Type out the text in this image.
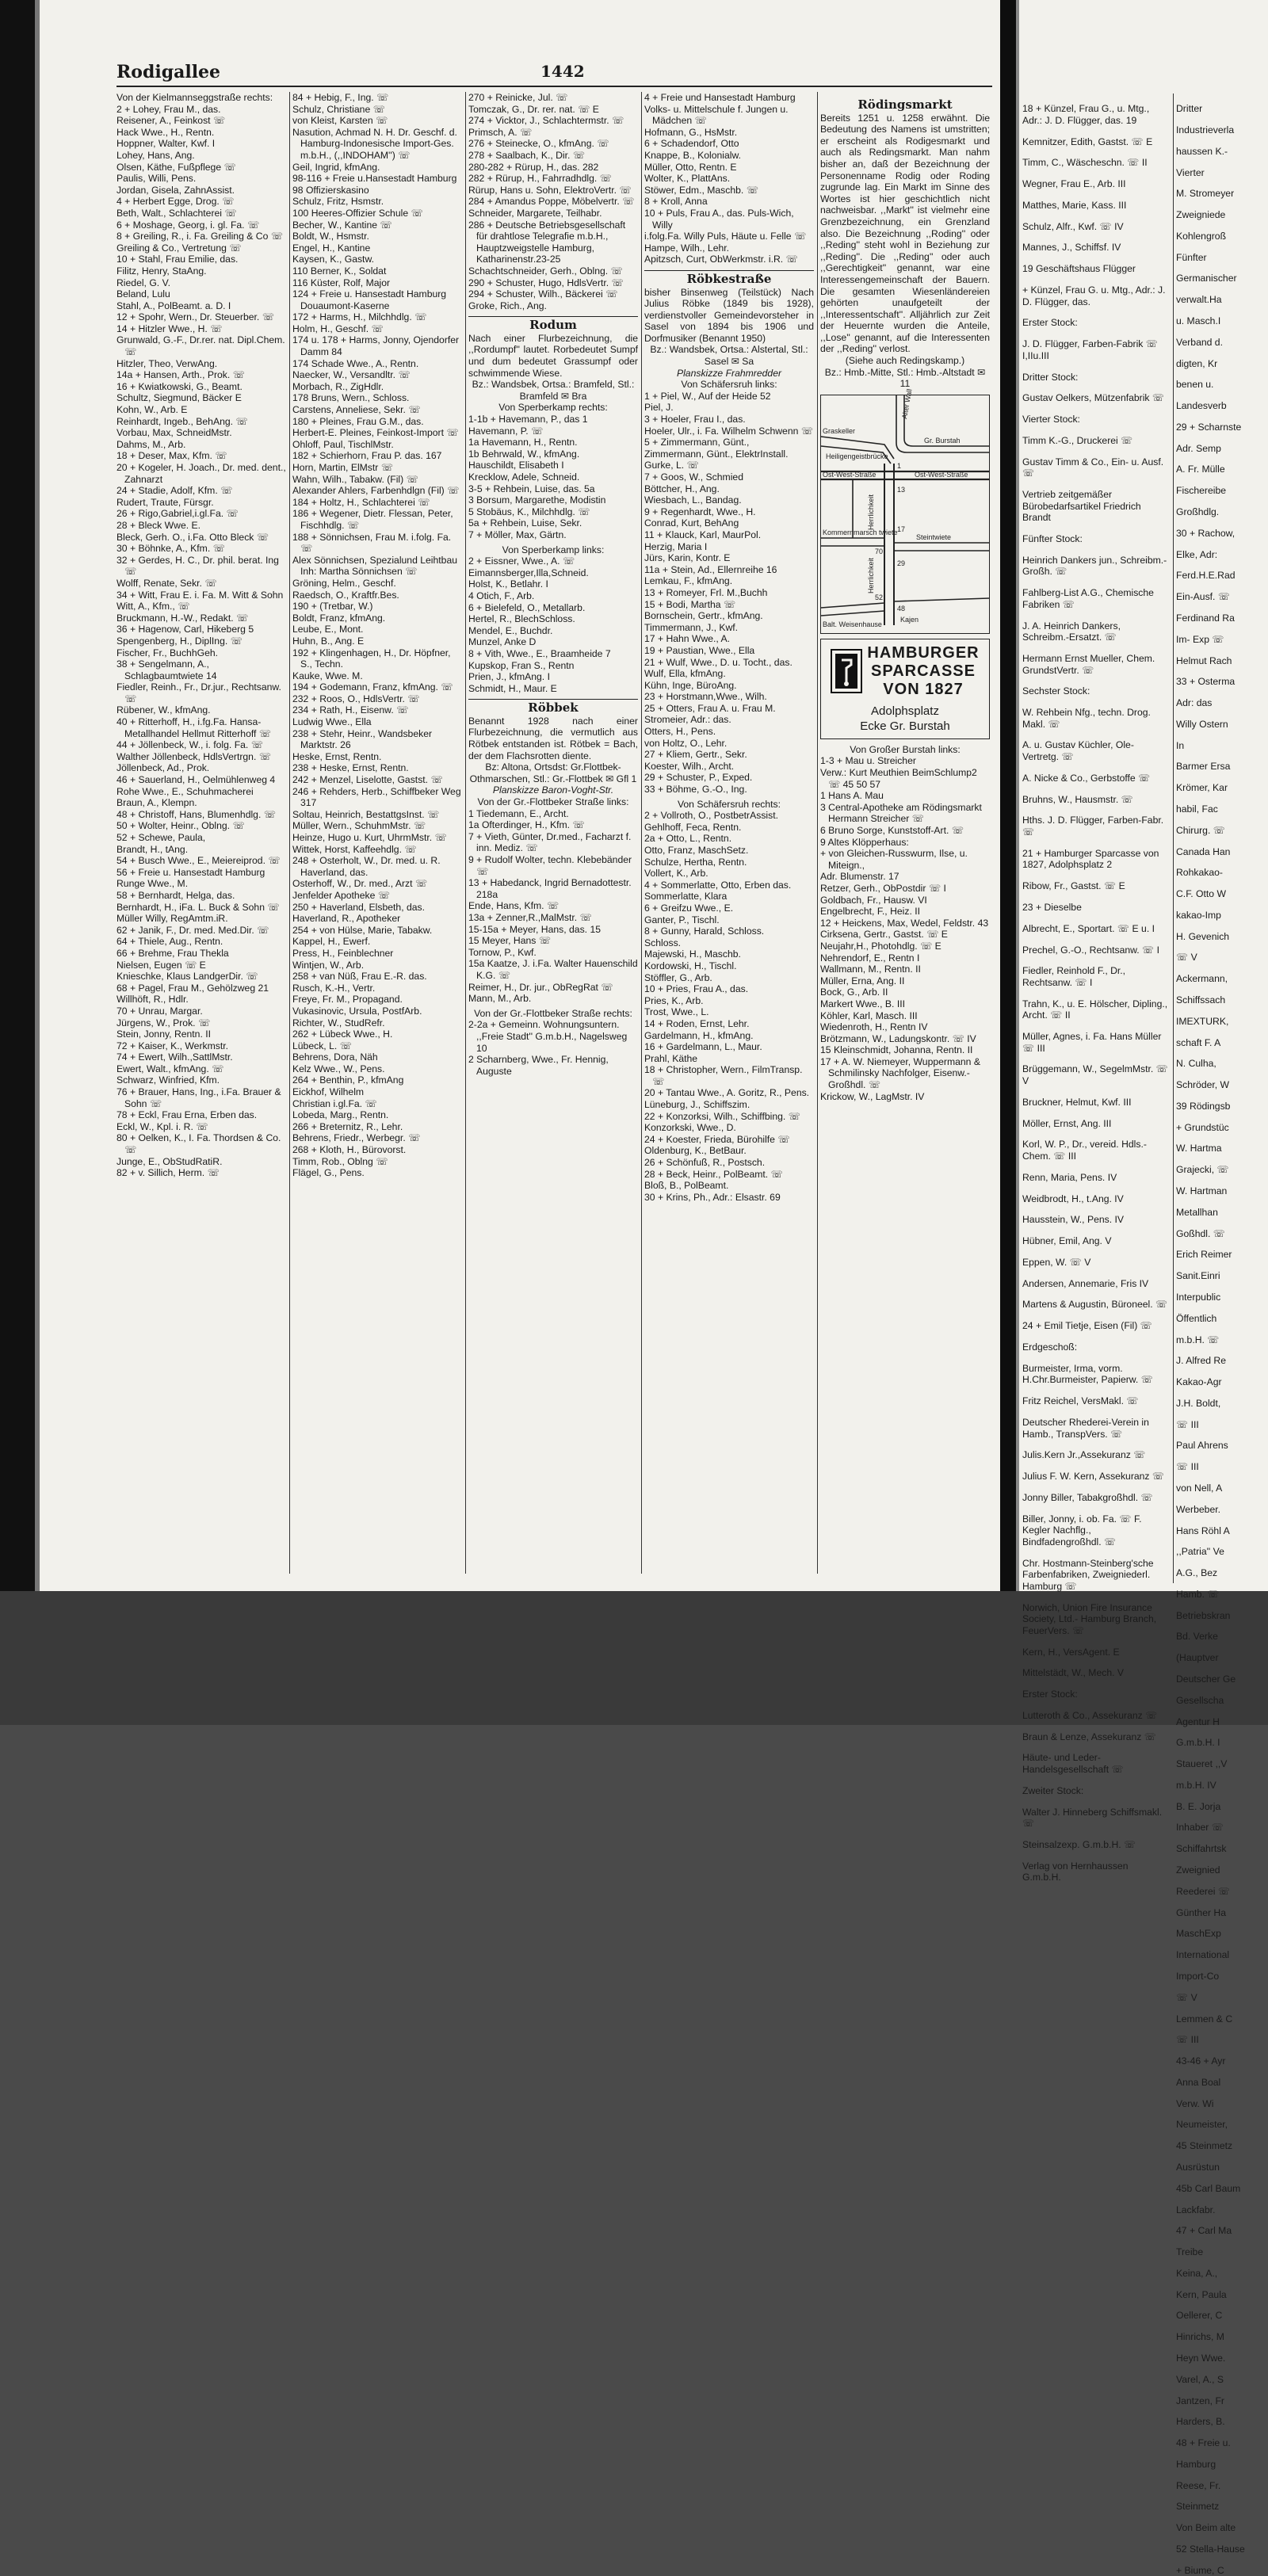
Rodigallee	1442

Von der Kielmannseggstraße rechts:

2 + Lohey, Frau M., das.

Reisener, A., Feinkost ☏

Hack Wwe., H., Rentn.

Hoppner, Walter, Kwf. I

Lohey, Hans, Ang.

Olsen, Käthe, Fußpflege ☏

Paulis, Willi, Pens.

Jordan, Gisela, ZahnAssist.

4 + Herbert Egge, Drog. ☏

Beth, Walt., Schlachterei ☏

6 + Moshage, Georg, i. gl. Fa. ☏

8 + Greiling, R., i. Fa. Greiling & Co ☏

Greiling & Co., Vertretung ☏

10 + Stahl, Frau Emilie, das.

Filitz, Henry, StaAng.

Riedel, G. V.

Beland, Lulu

Stahl, A., PolBeamt. a. D. I

12 + Spohr, Wern., Dr. Steuerber. ☏

14 + Hitzler Wwe., H. ☏

Grunwald, G.-F., Dr.rer. nat. Dipl.Chem. ☏

Hitzler, Theo, VerwAng.

14a + Hansen, Arth., Prok. ☏

16 + Kwiatkowski, G., Beamt.

Schultz, Siegmund, Bäcker E

Kohn, W., Arb. E

Reinhardt, Ingeb., BehAng. ☏

Vorbau, Max, SchneidMstr.

Dahms, M., Arb.

18 + Deser, Max, Kfm. ☏

20 + Kogeler, H. Joach., Dr. med. dent., Zahnarzt

24 + Stadie, Adolf, Kfm. ☏

Rudert, Traute, Fürsgr.

26 + Rigo,Gabriel,i.gl.Fa. ☏

28 + Bleck Wwe. E.

Bleck, Gerh. O., i.Fa. Otto Bleck ☏

30 + Böhnke, A., Kfm. ☏

32 + Gerdes, H. C., Dr. phil. berat. Ing ☏

Wolff, Renate, Sekr. ☏

34 + Witt, Frau E. i. Fa. M. Witt & Sohn

Witt, A., Kfm., ☏

Bruckmann, H.-W., Redakt. ☏

36 + Hagenow, Carl, Hikeberg 5

Spengenberg, H., DiplIng. ☏

Fischer, Fr., BuchhGeh.

38 + Sengelmann, A., Schlagbaumtwiete 14

Fiedler, Reinh., Fr., Dr.jur., Rechtsanw. ☏

Rübener, W., kfmAng.

40 + Ritterhoff, H., i.fg.Fa. Hansa-Metallhandel Hellmut Ritterhoff ☏

44 + Jöllenbeck, W., i. folg. Fa. ☏

Walther Jöllenbeck, HdlsVertrgn. ☏

Jöllenbeck, Ad., Prok.

46 + Sauerland, H., Oelmühlenweg 4

Rohe Wwe., E., Schuhmacherei

Braun, A., Klempn.

48 + Christoff, Hans, Blumenhdlg. ☏

50 + Wolter, Heinr., Oblng. ☏

52 + Schewe, Paula,

Brandt, H., tAng.

54 + Busch Wwe., E., Meiereiprod. ☏

56 + Freie u. Hansestadt Hamburg

Runge Wwe., M.

58 + Bernhardt, Helga, das.

Bernhardt, H., iFa. L. Buck & Sohn ☏

Müller Willy, RegAmtm.iR.

62 + Janik, F., Dr. med. Med.Dir. ☏

64 + Thiele, Aug., Rentn.

66 + Brehme, Frau Thekla

Nielsen, Eugen ☏ E

Knieschke, Klaus LandgerDir. ☏

68 + Pagel, Frau M., Gehölzweg 21

Willhöft, R., Hdlr.

70 + Unrau, Margar.

Jürgens, W., Prok. ☏

Stein, Jonny, Rentn. II

72 + Kaiser, K., Werkmstr.

74 + Ewert, Wilh.,SattlMstr.

Ewert, Walt., kfmAng. ☏

Schwarz, Winfried, Kfm.

76 + Brauer, Hans, Ing., i.Fa. Brauer & Sohn ☏

78 + Eckl, Frau Erna, Erben das.

Eckl, W., Kpl. i. R. ☏

80 + Oelken, K., I. Fa. Thordsen & Co. ☏

Junge, E., ObStudRatiR.

82 + v. Sillich, Herm. ☏

84 + Hebig, F., Ing. ☏

Schulz, Christiane ☏

von Kleist, Karsten ☏

Nasution, Achmad N. H. Dr. Geschf. d. Hamburg-Indonesische Import-Ges. m.b.H., (,,INDOHAM'') ☏

Geil, Ingrid, kfmAng.

98-116 + Freie u.Hansestadt Hamburg

98 Offizierskasino

Schulz, Fritz, Hsmstr.

100 Heeres-Offizier Schule ☏

Becher, W., Kantine ☏

Boldt, W., Hsmstr.

Engel, H., Kantine

Kaysen, K., Gastw.

110 Berner, K., Soldat

116 Küster, Rolf, Major

124 + Freie u. Hansestadt Hamburg Douaumont-Kaserne

172 + Harms, H., Milchhdlg. ☏

Holm, H., Geschf. ☏

174 u. 178 + Harms, Jonny, Ojendorfer Damm 84

174 Schade Wwe., A., Rentn.

Naecker, W., Versandltr. ☏

Morbach, R., ZigHdlr.

178 Bruns, Wern., Schloss.

Carstens, Anneliese, Sekr. ☏

180 + Pleines, Frau G.M., das.

Herbert-E. Pleines, Feinkost-Import ☏

Ohloff, Paul, TischlMstr.

182 + Schierhorn, Frau P. das. 167

Horn, Martin, ElMstr ☏

Wahn, Wilh., Tabakw. (Fil) ☏

Alexander Ahlers, Farbenhdlgn (Fil) ☏

184 + Holtz, H., Schlachterei ☏

186 + Wegener, Dietr. Flessan, Peter, Fischhdlg. ☏

188 + Sönnichsen, Frau M. i.folg. Fa. ☏

Alex Sönnichsen, Spezialund Leihtbau Inh: Martha Sönnichsen ☏

Gröning, Helm., Geschf.

Raedsch, O., Kraftfr.Bes.

190 + (Tretbar, W.)

Boldt, Franz, kfmAng.

Leube, E., Mont.

Huhn, B., Ang. E

192 + Klingenhagen, H., Dr. Höpfner, S., Techn.

Kauke, Wwe. M.

194 + Godemann, Franz, kfmAng. ☏

232 + Roos, O., HdlsVertr. ☏

234 + Rath, H., Eisenw. ☏

Ludwig Wwe., Ella

238 + Stehr, Heinr., Wandsbeker Marktstr. 26

Heske, Ernst, Rentn.

238 + Heske, Ernst, Rentn.

242 + Menzel, Liselotte, Gastst. ☏

246 + Rehders, Herb., Schiffbeker Weg 317

Soltau, Heinrich, BestattgsInst. ☏

Müller, Wern., SchuhmMstr. ☏

Heinze, Hugo u. Kurt, UhrmMstr. ☏

Wittek, Horst, Kaffeehdlg. ☏

248 + Osterholt, W., Dr. med. u. R. Haverland, das.

Osterhoff, W., Dr. med., Arzt ☏

Jenfelder Apotheke ☏

250 + Haverland, Elsbeth, das.

Haverland, R., Apotheker

254 + von Hülse, Marie, Tabakw.

Kappel, H., Ewerf.

Press, H., Feinblechner

Wintjen, W., Arb.

258 + van Nüß, Frau E.-R. das.

Rusch, K.-H., Vertr.

Freye, Fr. M., Propagand.

Vukasinovic, Ursula, PostfArb.

Richter, W., StudRefr.

262 + Lübeck Wwe., H.

Lübeck, L. ☏

Behrens, Dora, Näh

Kelz Wwe., W., Pens.

264 + Benthin, P., kfmAng

Eickhof, Wilhelm

Christian i.gl.Fa. ☏

Lobeda, Marg., Rentn.

266 + Breternitz, R., Lehr.

Behrens, Friedr., Werbegr. ☏

268 + Kloth, H., Bürovorst.

Timm, Rob., Oblng ☏

Flägel, G., Pens.

270 + Reinicke, Jul. ☏

Tomczak, G., Dr. rer. nat. ☏ E

274 + Vicktor, J., Schlachtermstr. ☏

Primsch, A. ☏

276 + Steinecke, O., kfmAng. ☏

278 + Saalbach, K., Dir. ☏

280-282 + Rürup, H., das. 282

282 + Rürup, H., Fahrradhdlg. ☏

Rürup, Hans u. Sohn, ElektroVertr. ☏

284 + Amandus Poppe, Möbelvertr. ☏

Schneider, Margarete, Teilhabr.

286 + Deutsche Betriebsgesellschaft für drahtlose Telegrafie m.b.H., Hauptzweigstelle Hamburg, Katharinenstr.23-25

Schachtschneider, Gerh., Oblng. ☏

290 + Schuster, Hugo, HdlsVertr. ☏

294 + Schuster, Wilh., Bäckerei ☏

Groke, Rich., Ang.

Rodum
Nach einer Flurbezeichnung, die ,,Rordumpf'' lautet. Rorbedeutet Sumpf und dum bedeutet Grassumpf oder schwimmende Wiese.
Bz.: Wandsbek, Ortsa.: Bramfeld, Stl.: Bramfeld ✉ Bra
Von Sperberkamp rechts:

1-1b + Havemann, P., das 1

Havemann, P. ☏

1a Havemann, H., Rentn.

1b Behrwald, W., kfmAng.

Hauschildt, Elisabeth I

Krecklow, Adele, Schneid.

3-5 + Rehbein, Luise, das. 5a

3 Borsum, Margarethe, Modistin

5 Stobäus, K., Milchhdlg. ☏

5a + Rehbein, Luise, Sekr.

7 + Möller, Max, Gärtn.

Von Sperberkamp links:

2 + Eissner, Wwe., A. ☏

Eimannsberger,Illa,Schneid.

Holst, K., Betlahr. I

4 Otich, F., Arb.

6 + Bielefeld, O., Metallarb.

Hertel, R., BlechSchloss.

Mendel, E., Buchdr.

Munzel, Anke D

8 + Vith, Wwe., E., Braamheide 7

Kupskop, Fran S., Rentn

Prien, J., kfmAng. I

Schmidt, H., Maur. E

Röbbek
Benannt 1928 nach einer Flurbezeichnung, die vermutlich aus Rötbek entstanden ist. Rötbek = Bach, der dem Flachsrotten diente.
Bz: Altona, Ortsdst: Gr.Flottbek-Othmarschen, Stl.: Gr.-Flottbek ✉ Gfl 1
Planskizze Baron-Voght-Str.
Von der Gr.-Flottbeker Straße links:

1 Tiedemann, E., Archt.

1a Ofterdinger, H., Kfm. ☏

7 + Vieth, Günter, Dr.med., Facharzt f. inn. Mediz. ☏

9 + Rudolf Wolter, techn. Klebebänder ☏

13 + Habedanck, Ingrid Bernadottestr. 218a

Ende, Hans, Kfm. ☏

13a + Zenner,R.,MalMstr. ☏

15-15a + Meyer, Hans, das. 15

15 Meyer, Hans ☏

Tornow, P., Kwf.

15a Kaatze, J. i.Fa. Walter Hauenschild K.G. ☏

Reimer, H., Dr. jur., ObRegRat ☏

Mann, M., Arb.

Von der Gr.-Flottbeker Straße rechts:

2-2a + Gemeinn. Wohnungsuntern. ,,Freie Stadt'' G.m.b.H., Nagelsweg 10

2 Scharnberg, Wwe., Fr. Hennig, Auguste

4 + Freie und Hansestadt Hamburg

Volks- u. Mittelschule f. Jungen u. Mädchen ☏

Hofmann, G., HsMstr.

6 + Schadendorf, Otto

Knappe, B., Kolonialw.

Müller, Otto, Rentn. E

Wolter, K., PlattAns.

Stöwer, Edm., Maschb. ☏

8 + Kroll, Anna

10 + Puls, Frau A., das. Puls-Wich, Willy

i.folg.Fa. Willy Puls, Häute u. Felle ☏

Hampe, Wilh., Lehr.

Apitzsch, Curt, ObWerkmstr. i.R. ☏

Röbkestraße
bisher Binsenweg (Teilstück) Nach Julius Röbke (1849 bis 1928), verdienstvoller Gemeindevorsteher in Sasel von 1894 bis 1906 und Dorfmusiker (Benannt 1950)
Bz.: Wandsbek, Ortsa.: Alstertal, Stl.: Sasel ✉ Sa
Planskizze Frahmredder
Von Schäfersruh links:

1 + Piel, W., Auf der Heide 52

Piel, J.

3 + Hoeler, Frau I., das.

Hoeler, Ulr., i. Fa. Wilhelm Schwenn ☏

5 + Zimmermann, Günt.,

Zimmermann, Günt., ElektrInstall.

Gurke, L. ☏

7 + Goos, W., Schmied

Böttcher, H., Ang.

Wiesbach, L., Bandag.

9 + Regenhardt, Wwe., H.

Conrad, Kurt, BehAng

11 + Klauck, Karl, MaurPol.

Herzig, Maria I

Jürs, Karin, Kontr. E

11a + Stein, Ad., Ellernreihe 16

Lemkau, F., kfmAng.

13 + Romeyer, Frl. M.,Buchh

15 + Bodi, Martha ☏

Bornschein, Gertr., kfmAng.

Timmermann, J., Kwf.

17 + Hahn Wwe., A.

19 + Paustian, Wwe., Ella

21 + Wulf, Wwe., D. u. Tocht., das.

Wulf, Ella, kfmAng.

Kühn, Inge, BüroAng.

23 + Horstmann,Wwe., Wilh.

25 + Otters, Frau A. u. Frau M.

Stromeier, Adr.: das.

Otters, H., Pens.

von Holtz, O., Lehr.

27 + Kliem, Gertr., Sekr.

Koester, Wilh., Archt.

29 + Schuster, P., Exped.

33 + Böhme, G.-O., Ing.

Von Schäfersruh rechts:

2 + Vollroth, O., PostbetrAssist.

Gehlhoff, Feca, Rentn.

2a + Otto, L., Rentn.

Otto, Franz, MaschSetz.

Schulze, Hertha, Rentn.

Vollert, K., Arb.

4 + Sommerlatte, Otto, Erben das.

Sommerlatte, Klara

6 + Greifzu Wwe., E.

Ganter, P., Tischl.

8 + Gunny, Harald, Schloss.

Schloss.

Majewski, H., Maschb.

Kordowski, H., Tischl.

Stöffler, G., Arb.

10 + Pries, Frau A., das.

Pries, K., Arb.

Trost, Wwe., L.

14 + Roden, Ernst, Lehr.

Gardelmann, H., kfmAng.

16 + Gardelmann, L., Maur.

Prahl, Käthe

18 + Christopher, Wern., FilmTransp. ☏

20 + Tantau Wwe., A. Goritz, R., Pens.

Lüneburg, J., Schiffszim.

22 + Konzorksi, Wilh., Schiffbing. ☏

Konzorkski, Wwe., D.

24 + Koester, Frieda, Bürohilfe ☏

Oldenburg, K., BetBaur.

26 + Schönfuß, R., Postsch.

28 + Beck, Heinr., PolBeamt. ☏

Bloß, B., PolBeamt.

30 + Krins, Ph., Adr.: Elsastr. 69

Rödingsmarkt
Bereits 1251 u. 1258 erwähnt. Die Bedeutung des Namens ist umstritten; er erscheint als Rodigesmarkt und auch als Redingsmarkt. Man nahm bisher an, daß der Bezeichnung der Personenname Rodig oder Roding zugrunde lag. Ein Markt im Sinne des Wortes ist hier geschichtlich nicht nachweisbar. ,,Markt'' ist vielmehr eine Grenzbezeichnung, ein Grenzland also. Die Bezeichnung ,,Roding'' oder ,,Reding'' steht wohl in Beziehung zur ,,Reding''. Die ,,Reding'' oder auch ,,Gerechtigkeit'' genannt, war eine Interessengemeinschaft der Bauern. Die gesamten Wiesenländereien gehörten unaufgeteilt der ,,Interessentschaft''. Alljährlich zur Zeit der Heuernte wurden die Anteile, ,,Lose'' genannt, auf die Interessenten der ,,Reding'' verlost.
(Siehe auch Redingskamp.)
Bz.: Hmb.-Mitte, Stl.: Hmb.-Altstadt ✉ 11
Graskeller
Alter Wall
Gr. Burstah
Heiligengeistbrücke
Ost-West-Straße	Ost-West-Straße
Herrlichkeit
Kommernmarsch twiete
Steintwiete
Herrlichkeit
Balt. Weisenhause
Kajen
1
13
17
29
70
52
48
HAMBURGER
SPARCASSE
VON 1827
Adolphsplatz
Ecke Gr. Burstah
Von Großer Burstah links:

1-3 + Mau u. Streicher

Verw.: Kurt Meuthien BeimSchlump2 ☏ 45 50 57

1 Hans A. Mau

3 Central-Apotheke am Rödingsmarkt Hermann Streicher ☏

6 Bruno Sorge, Kunststoff-Art. ☏

9 Altes Klöpperhaus:

+ von Gleichen-Russwurm, Ilse, u. Miteign.,

Adr. Blumenstr. 17

Retzer, Gerh., ObPostdir ☏ I

Goldbach, Fr., Hausw. VI

Engelbrecht, F., Heiz. II

12 + Heickens, Max, Wedel, Feldstr. 43

Cirksena, Gertr., Gastst. ☏ E

Neujahr,H., Photohdlg. ☏ E

Nehrendorf, E., Rentn I

Wallmann, M., Rentn. II

Müller, Erna, Ang. II

Bock, G., Arb. II

Markert Wwe., B. III

Köhler, Karl, Masch. III

Wiedenroth, H., Rentn IV

Brötzmann, W., Ladungskontr. ☏ IV

15 Kleinschmidt, Johanna, Rentn. II

17 + A. W. Niemeyer, Wuppermann & Schmilinsky Nachfolger, Eisenw.-Großhdl. ☏

Krickow, W., LagMstr. IV

18 + Künzel, Frau G., u. Mtg., Adr.: J. D. Flügger, das. 19

Kemnitzer, Edith, Gastst. ☏ E

Timm, C., Wäscheschn. ☏ II

Wegner, Frau E., Arb. III

Matthes, Marie, Kass. III

Schulz, Alfr., Kwf. ☏ IV

Mannes, J., Schiffsf. IV

19 Geschäftshaus Flügger

+ Künzel, Frau G. u. Mtg., Adr.: J. D. Flügger, das.

Erster Stock:

J. D. Flügger, Farben-Fabrik ☏ I,IIu.III

Dritter Stock:

Gustav Oelkers, Mützenfabrik ☏

Vierter Stock:

Timm K.-G., Druckerei ☏

Gustav Timm & Co., Ein- u. Ausf. ☏

Vertrieb zeitgemäßer Bürobedarfsartikel Friedrich Brandt

Fünfter Stock:

Heinrich Dankers jun., Schreibm.-Großh. ☏

Fahlberg-List A.G., Chemische Fabriken ☏

J. A. Heinrich Dankers, Schreibm.-Ersatzt. ☏

Hermann Ernst Mueller, Chem. GrundstVertr. ☏

Sechster Stock:

W. Rehbein Nfg., techn. Drog. Makl. ☏

A. u. Gustav Küchler, Ole-Vertretg. ☏

A. Nicke & Co., Gerbstoffe ☏

Bruhns, W., Hausmstr. ☏

Hths. J. D. Flügger, Farben-Fabr. ☏

21 + Hamburger Sparcasse von 1827, Adolphsplatz 2

Ribow, Fr., Gastst. ☏ E

23 + Dieselbe

Albrecht, E., Sportart. ☏ E u. I

Prechel, G.-O., Rechtsanw. ☏ I

Fiedler, Reinhold F., Dr., Rechtsanw. ☏ I

Trahn, K., u. E. Hölscher, Dipling., Archt. ☏ II

Müller, Agnes, i. Fa. Hans Müller ☏ III

Brüggemann, W., SegelmMstr. ☏ V

Bruckner, Helmut, Kwf. III

Möller, Ernst, Ang. III

Korl, W. P., Dr., vereid. Hdls.-Chem. ☏ III

Renn, Maria, Pens. IV

Weidbrodt, H., t.Ang. IV

Hausstein, W., Pens. IV

Hübner, Emil, Ang. V

Eppen, W. ☏ V

Andersen, Annemarie, Fris IV

Martens & Augustin, Büroneel. ☏

24 + Emil Tietje, Eisen (Fil) ☏

Erdgeschoß:

Burmeister, Irma, vorm. H.Chr.Burmeister, Papierw. ☏

Fritz Reichel, VersMakl. ☏

Deutscher Rhederei-Verein in Hamb., TranspVers. ☏

Julis.Kern Jr.,Assekuranz ☏

Julius F. W. Kern, Assekuranz ☏

Jonny Biller, Tabakgroßhdl. ☏

Biller, Jonny, i. ob. Fa. ☏ F. Kegler Nachflg., Bindfadengroßhdl. ☏

Chr. Hostmann-Steinberg'sche Farbenfabriken, Zweigniederl. Hamburg ☏

Norwich, Union Fire Insurance Society, Ltd.- Hamburg Branch, FeuerVers. ☏

Kern, H., VersAgent. E

Mittelstädt, W., Mech. V

Erster Stock:

Lutteroth & Co., Assekuranz ☏

Braun & Lenze, Assekuranz ☏

Häute- und Leder-Handelsgesellschaft ☏

Zweiter Stock:

Walter J. Hinneberg Schiffsmakl. ☏

Steinsalzexp. G.m.b.H. ☏

Verlag von Hernhaussen G.m.b.H.

Dritter

Industrieverla

haussen K.-

Vierter

M. Stromeyer

Zweigniede

Kohlengroß

Fünfter

Germanischer

verwalt.Ha

u. Masch.I

Verband d.

digten, Kr

benen u.

Landesverb

29 + Scharnste

Adr. Semp

A. Fr. Mülle

Fischereibe

Großhdlg.

30 + Rachow,

Elke, Adr:

Ferd.H.E.Rad

Ein-Ausf. ☏

Ferdinand Ra

Im- Exp ☏

Helmut Rach

33 + Osterma

Adr: das

Willy Ostern

In

Barmer Ersa

Krömer, Kar

habil, Fac

Chirurg. ☏

Canada Han

Rohkakao-

C.F. Otto W

kakao-Imp

H. Gevenich

☏ V

Ackermann,

Schiffssach

IMEXTURK,

schaft F. A

N. Culha,

Schröder, W

39 Rödingsb

+ Grundstüc

W. Hartma

Grajecki, ☏

W. Hartman

Metallhan

Goßhdl. ☏

Erich Reimer

Sanit.Einri

Interpublic

Öffentlich

m.b.H. ☏

J. Alfred Re

Kakao-Agr

J.H. Boldt,

☏ III

Paul Ahrens

☏ III

von Nell, A

Werbeber.

Hans Röhl A

,,Patria'' Ve

A.G., Bez

Hamb. ☏

Betriebskran

Bd. Verke

(Hauptver

Deutscher Ge

Gesellscha

Agentur H

G.m.b.H. I

Staueret ,,V

m.b.H. IV

B. E. Jorja

Inhaber ☏

Schiffahrtsk

Zweignied

Reederei ☏

Günther Ha

MaschExp

International

Import-Co

☏ V

Lemmen & C

☏ III

43-46 + Ayr

Anna Boal

Verw. Wi

Neumeister,

45 Steinmetz

Ausrüstun

45b Carl Baum

Lackfabr.

47 + Carl Ma

Treibe

Keina, A.,

Kern, Paula

Oellerer, C

Hinrichs, M

Heyn Wwe.

Varel, A., S

Jantzen, Fr

Harders, B.

48 + Freie u.

Hamburg

Reese, Fr.

Steinmetz

Von Beim alte

52 Stella-Hause

+ Biume, C
